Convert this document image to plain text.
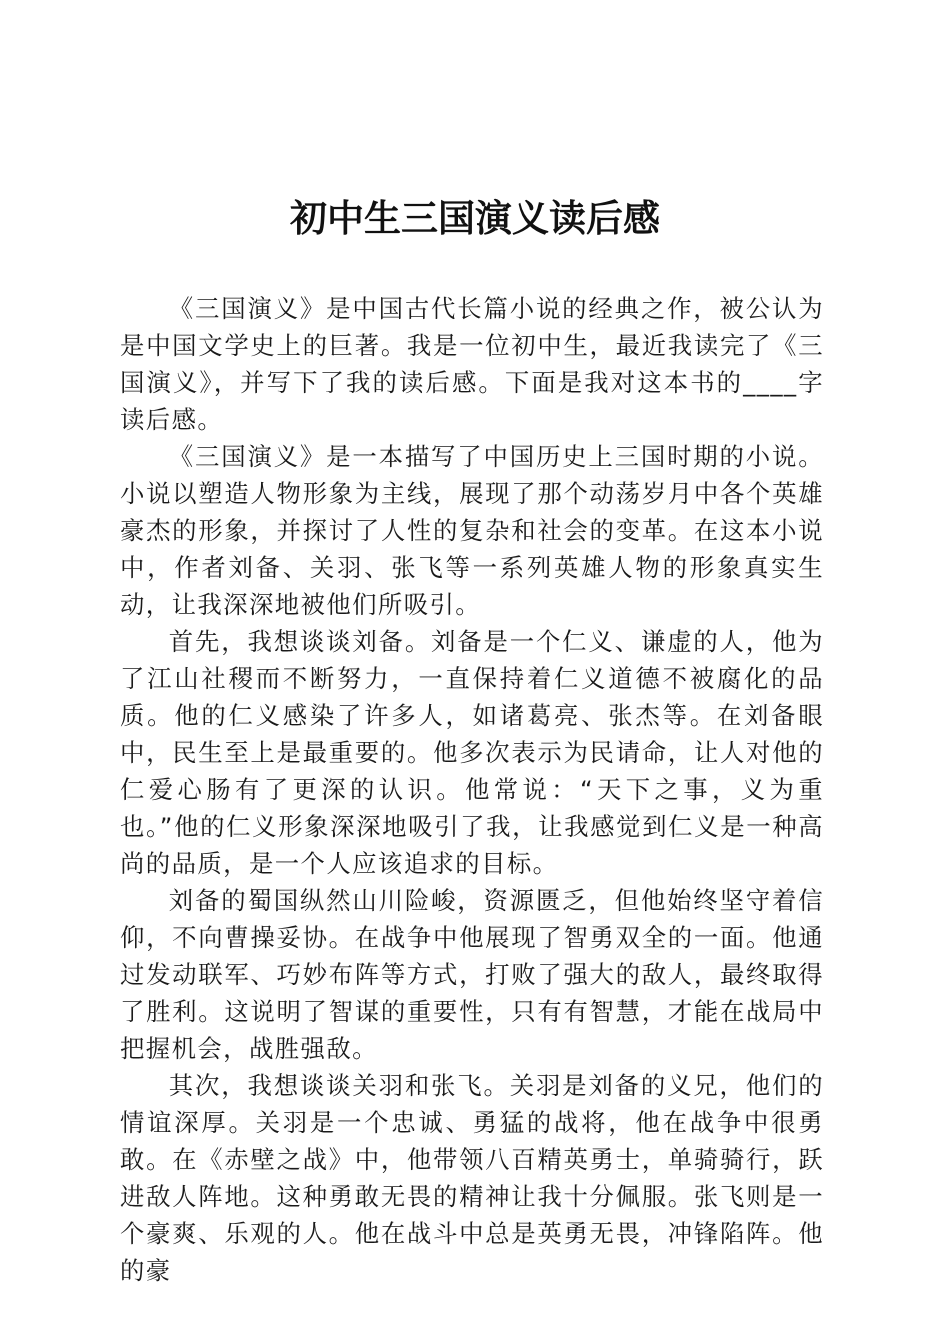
初中生三国演义读后感

《三国演义》是中国古代长篇小说的经典之作，被公认为是中国文学史上的巨著。我是一位初中生，最近我读完了《三国演义》，并写下了我的读后感。下面是我对这本书的____字读后感。

《三国演义》是一本描写了中国历史上三国时期的小说。小说以塑造人物形象为主线，展现了那个动荡岁月中各个英雄豪杰的形象，并探讨了人性的复杂和社会的变革。在这本小说中，作者刘备、关羽、张飞等一系列英雄人物的形象真实生动，让我深深地被他们所吸引。

首先，我想谈谈刘备。刘备是一个仁义、谦虚的人，他为了江山社稷而不断努力，一直保持着仁义道德不被腐化的品质。他的仁义感染了许多人，如诸葛亮、张杰等。在刘备眼中，民生至上是最重要的。他多次表示为民请命，让人对他的仁爱心肠有了更深的认识。他常说：“天下之事，义为重也。”他的仁义形象深深地吸引了我，让我感觉到仁义是一种高尚的品质，是一个人应该追求的目标。

刘备的蜀国纵然山川险峻，资源匮乏，但他始终坚守着信仰，不向曹操妥协。在战争中他展现了智勇双全的一面。他通过发动联军、巧妙布阵等方式，打败了强大的敌人，最终取得了胜利。这说明了智谋的重要性，只有有智慧，才能在战局中把握机会，战胜强敌。

其次，我想谈谈关羽和张飞。关羽是刘备的义兄，他们的情谊深厚。关羽是一个忠诚、勇猛的战将，他在战争中很勇敢。在《赤壁之战》中，他带领八百精英勇士，单骑骑行，跃进敌人阵地。这种勇敢无畏的精神让我十分佩服。张飞则是一个豪爽、乐观的人。他在战斗中总是英勇无畏，冲锋陷阵。他的豪
